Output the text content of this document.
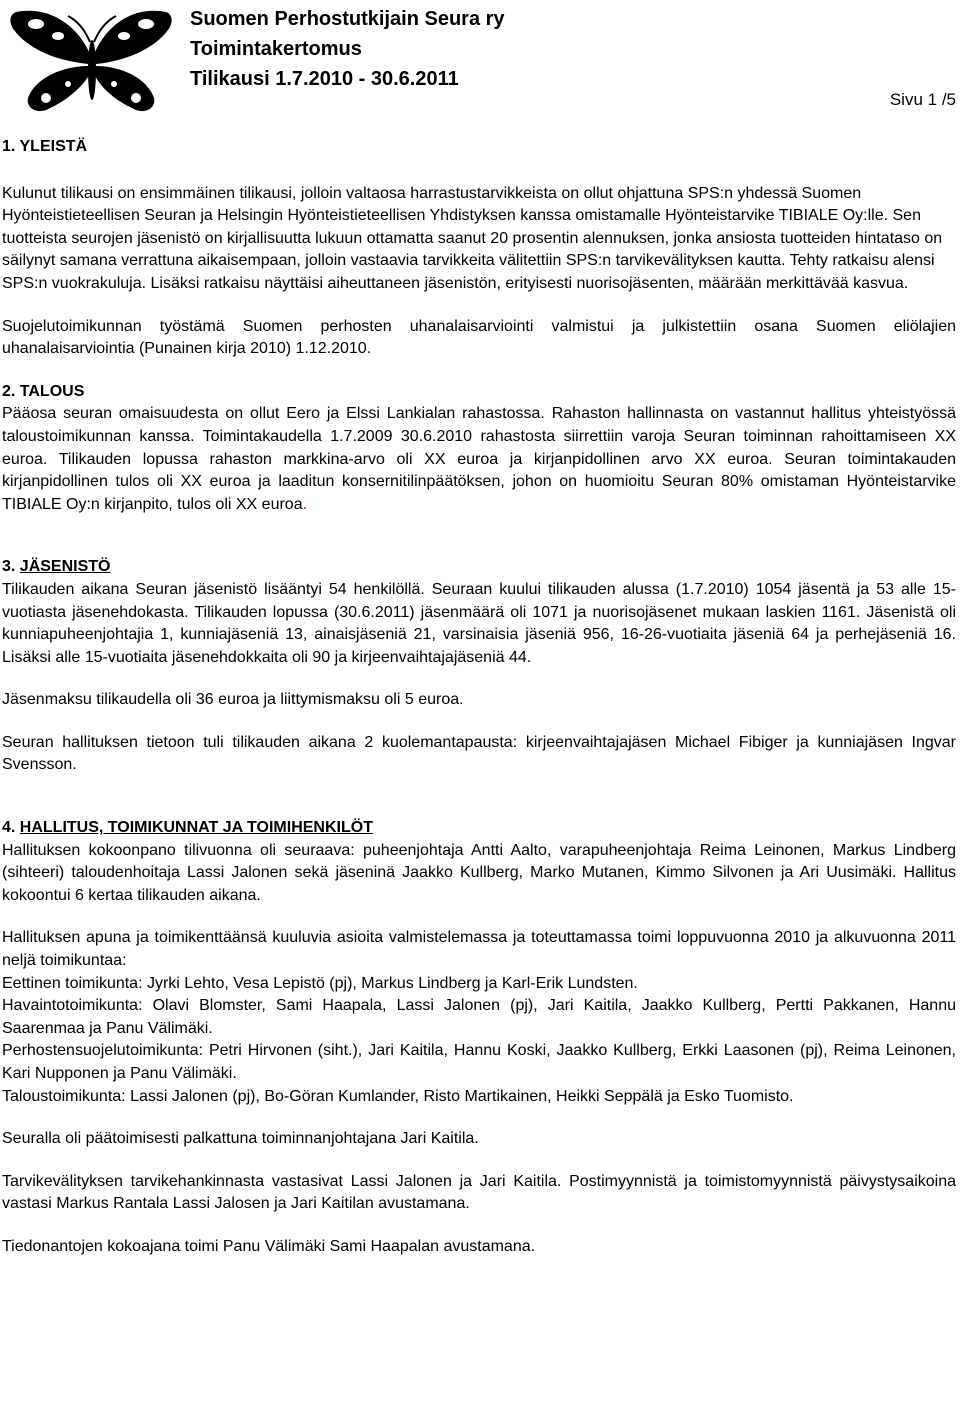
Suomen Perhostutkijain Seura ry
Toimintakertomus
Tilikausi 1.7.2010 - 30.6.2011
Sivu 1 /5

1. YLEISTÄ

Kulunut tilikausi on ensimmäinen tilikausi, jolloin valtaosa harrastustarvikkeista on ollut ohjattuna SPS:n yhdessä Suomen Hyönteistieteellisen Seuran ja Helsingin Hyönteistieteellisen Yhdistyksen kanssa omistamalle Hyönteistarvike TIBIALE Oy:lle. Sen tuotteista seurojen jäsenistö on kirjallisuutta lukuun ottamatta saanut 20 prosentin alennuksen, jonka ansiosta tuotteiden hintataso on säilynyt samana verrattuna aikaisempaan, jolloin vastaavia tarvikkeita välitettiin SPS:n tarvikevälityksen kautta. Tehty ratkaisu alensi SPS:n vuokrakuluja. Lisäksi ratkaisu näyttäisi aiheuttaneen jäsenistön, erityisesti nuorisojäsenten, määrään merkittävää kasvua.

Suojelutoimikunnan työstämä Suomen perhosten uhanalaisarviointi valmistui ja julkistettiin osana Suomen eliölajien uhanalaisarviointia (Punainen kirja 2010) 1.12.2010.

2. TALOUS

Pääosa seuran omaisuudesta on ollut Eero ja Elssi Lankialan rahastossa. Rahaston hallinnasta on vastannut hallitus yhteistyössä taloustoimikunnan kanssa. Toimintakaudella 1.7.2009 30.6.2010 rahastosta siirrettiin varoja Seuran toiminnan rahoittamiseen XX euroa. Tilikauden lopussa rahaston markkina-arvo oli XX euroa ja kirjanpidollinen arvo XX euroa. Seuran toimintakauden kirjanpidollinen tulos oli XX euroa ja laaditun konsernitilinpäätöksen, johon on huomioitu Seuran 80% omistaman Hyönteistarvike TIBIALE Oy:n kirjanpito, tulos oli XX euroa.

3. JÄSENISTÖ

Tilikauden aikana Seuran jäsenistö lisääntyi 54 henkilöllä. Seuraan kuului tilikauden alussa (1.7.2010) 1054 jäsentä ja 53 alle 15-vuotiasta jäsenehdokasta. Tilikauden lopussa (30.6.2011) jäsenmäärä oli 1071 ja nuorisojäsenet mukaan laskien 1161. Jäsenistä oli kunniapuheenjohtajia 1, kunniajäseniä 13, ainaisjäseniä 21, varsinaisia jäseniä 956, 16-26-vuotiaita jäseniä 64 ja perhejäseniä 16. Lisäksi alle 15-vuotiaita jäsenehdokkaita oli 90 ja kirjeenvaihtajajäseniä 44.

Jäsenmaksu tilikaudella oli 36 euroa ja liittymismaksu oli 5 euroa.

Seuran hallituksen tietoon tuli tilikauden aikana 2 kuolemantapausta: kirjeenvaihtajajäsen Michael Fibiger ja kunniajäsen Ingvar Svensson.

4. HALLITUS, TOIMIKUNNAT JA TOIMIHENKILÖT

Hallituksen kokoonpano tilivuonna oli seuraava: puheenjohtaja Antti Aalto, varapuheenjohtaja Reima Leinonen, Markus Lindberg (sihteeri) taloudenhoitaja Lassi Jalonen sekä jäseninä Jaakko Kullberg, Marko Mutanen, Kimmo Silvonen ja Ari Uusimäki. Hallitus kokoontui 6 kertaa tilikauden aikana.

Hallituksen apuna ja toimikenttäänsä kuuluvia asioita valmistelemassa ja toteuttamassa toimi loppuvuonna 2010 ja alkuvuonna 2011 neljä toimikuntaa:

Eettinen toimikunta: Jyrki Lehto, Vesa Lepistö (pj), Markus Lindberg ja Karl-Erik Lundsten.

Havaintotoimikunta: Olavi Blomster, Sami Haapala, Lassi Jalonen (pj), Jari Kaitila, Jaakko Kullberg, Pertti Pakkanen, Hannu Saarenmaa ja Panu Välimäki.

Perhostensuojelutoimikunta: Petri Hirvonen (siht.), Jari Kaitila, Hannu Koski, Jaakko Kullberg, Erkki Laasonen (pj), Reima Leinonen, Kari Nupponen ja Panu Välimäki.

Taloustoimikunta: Lassi Jalonen (pj), Bo-Göran Kumlander, Risto Martikainen, Heikki Seppälä ja Esko Tuomisto.

Seuralla oli päätoimisesti palkattuna toiminnanjohtajana Jari Kaitila.

Tarvikevälityksen tarvikehankinnasta vastasivat Lassi Jalonen ja Jari Kaitila. Postimyynnistä ja toimistomyynnistä päivystysaikoina vastasi Markus Rantala Lassi Jalosen ja Jari Kaitilan avustamana.

Tiedonantojen kokoajana toimi Panu Välimäki Sami Haapalan avustamana.
